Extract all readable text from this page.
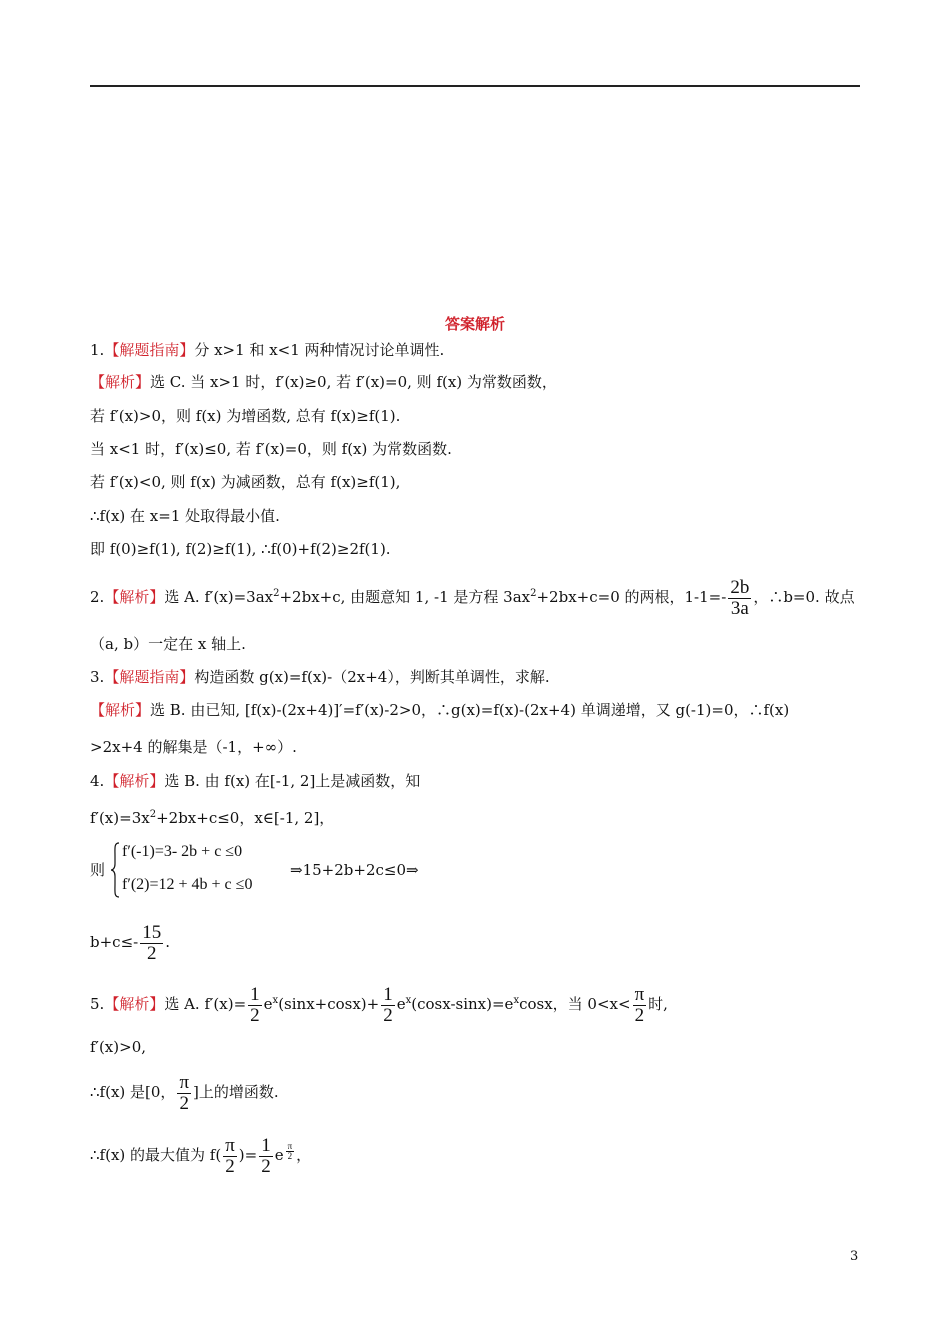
答案解析
1.【解题指南】分 x>1 和 x<1 两种情况讨论单调性.
【解析】选 C. 当 x>1 时，f′(x)≥0, 若 f′(x)=0, 则 f(x) 为常数函数，
若 f′(x)>0，则 f(x) 为增函数, 总有 f(x)≥f(1).
当 x<1 时，f′(x)≤0, 若 f′(x)=0，则 f(x) 为常数函数.
若 f′(x)<0, 则 f(x) 为减函数，总有 f(x)≥f(1),
∴f(x) 在 x=1 处取得最小值.
即 f(0)≥f(1), f(2)≥f(1), ∴f(0)+f(2)≥2f(1).
2.【解析】选 A. $f'(x)=3ax^2+2bx+c$, 由题意知 1, -1 是方程 $3ax^2+2bx+c=0$ 的两根，$1-1=- \frac{2b}{3a}$ ，∴b=0. 故点
（a, b）一定在 x 轴上.
3.【解题指南】构造函数 g(x)=f(x)-（2x+4），判断其单调性，求解.
【解析】选 B. 由已知, [f(x)-(2x+4)]′=f′(x)-2>0，∴g(x)=f(x)-(2x+4) 单调递增，又 g(-1)=0，∴f(x)
>2x+4 的解集是（-1，+∞）.
4.【解析】选 B. 由 f(x) 在[-1, 2]上是减函数，知
$f'(x)=3x^2+2bx+c\le 0$，x∈[-1, 2]，
则
f′(-1)=3- 2b + c ≤0
f′(2)=12 + 4b + c ≤0
⇒15+2b+2c≤0⇒
$b+c\le- \frac{15}{2}$ .
5.【解析】选 A. $f'(x)= \frac{1}{2} e^x(\sin x+\cos x)+ \frac{1}{2} e^x(\cos x-\sin x)=e^x\cos x$，当 $0<x< \frac{\pi}{2}$ 时,
f′(x)>0,
∴f(x) 是[0， $\frac{\pi}{2}$ ]上的增函数.
∴f(x) 的最大值为 $f( \frac{\pi}{2}$ )= $\frac{1}{2}$ e $^{\frac{\pi}{2}}$ ，
3
